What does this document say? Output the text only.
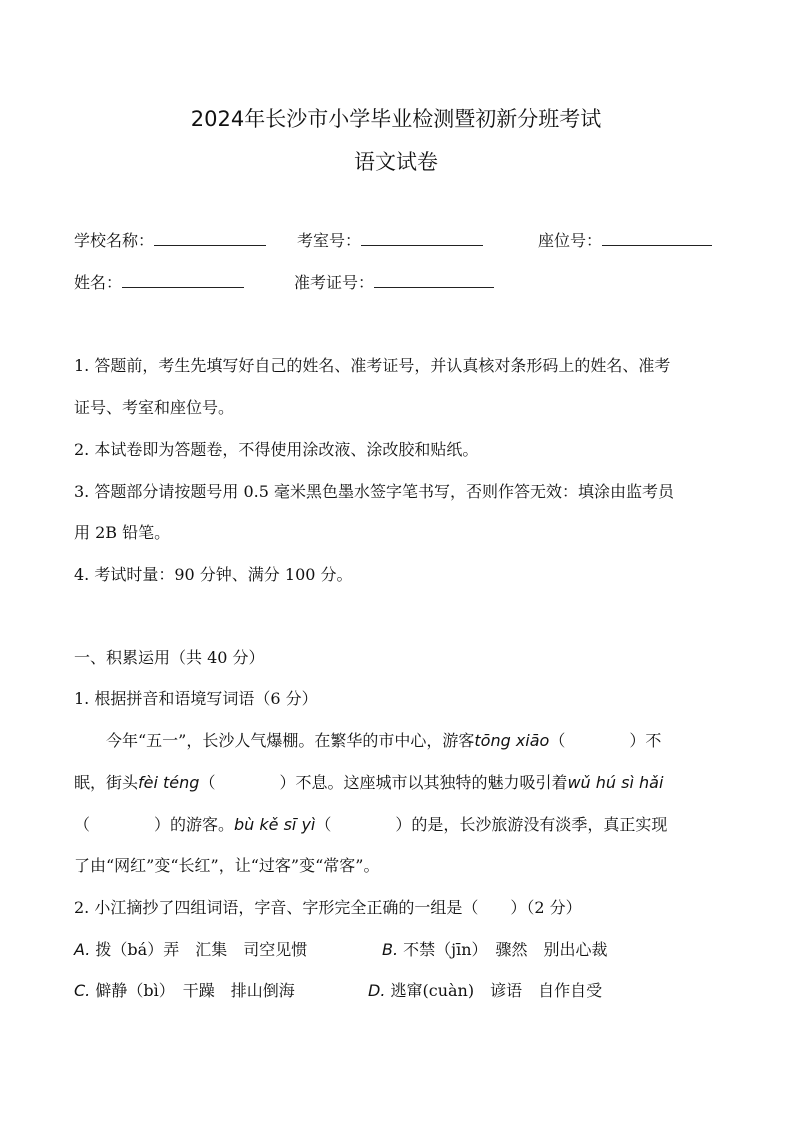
2024年长沙市小学毕业检测暨初新分班考试
语文试卷
学校名称：	考室号：	座位号：
姓名：	准考证号：
1. 答题前，考生先填写好自己的姓名、准考证号，并认真核对条形码上的姓名、准考
证号、考室和座位号。
2. 本试卷即为答题卷，不得使用涂改液、涂改胶和贴纸。
3. 答题部分请按题号用 0.5 毫米黑色墨水签字笔书写，否则作答无效：填涂由监考员
用 2B 铅笔。
4. 考试时量：90 分钟、满分 100 分。
一、积累运用（共 40 分）
1. 根据拼音和语境写词语（6 分）
今年“五一”，长沙人气爆棚。在繁华的市中心，游客tōng xiāo（　　　　）不
眠，街头fèi téng（　　　　）不息。这座城市以其独特的魅力吸引着wǔ hú sì hǎi
（　　　　）的游客。bù kě sī yì（　　　　）的是，长沙旅游没有淡季，真正实现
了由“网红”变“长红”，让“过客”变“常客”。
2. 小江摘抄了四组词语，字音、字形完全正确的一组是（　　）（2 分）
A. 拨（bá）弄　汇集　司空见惯	B. 不禁（jīn）　骤然　别出心裁
C. 僻静（bì）　干躁　排山倒海	D. 逃窜(cuàn)　谚语　自作自受
